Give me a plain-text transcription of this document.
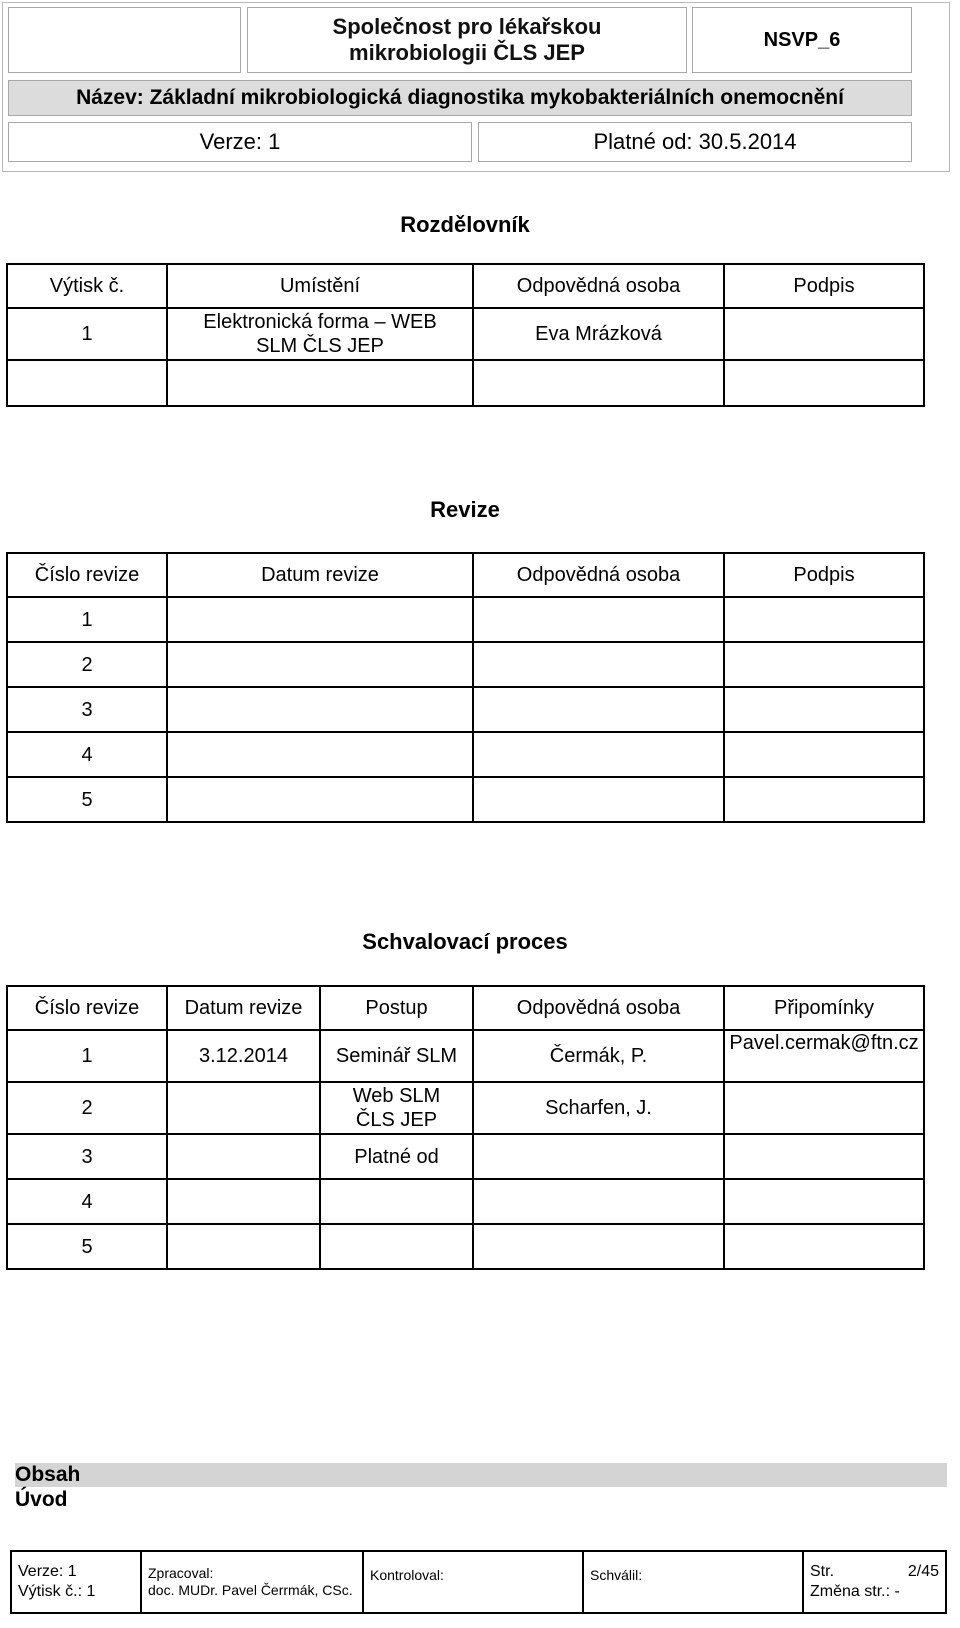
Společnost pro lékařskou mikrobiologii ČLS JEP
NSVP_6
Název: Základní mikrobiologická diagnostika mykobakteriálních onemocnění
Verze: 1	Platné od: 30.5.2014
Rozdělovník
Výtisk č.	Umístění	Odpovědná osoba	Podpis
1	Elektronická forma – WEB SLM ČLS JEP	Eva Mrázková	

Revize
Číslo revize	Datum revize	Odpovědná osoba	Podpis
1			
2			
3			
4			
5			
Schvalovací proces
Číslo revize	Datum revize	Postup	Odpovědná osoba	Připomínky
1	3.12.2014	Seminář SLM	Čermák, P.	Pavel.cermak@ftn.cz

2		Web SLM ČLS JEP	Scharfen, J.	
3		Platné od		
4				
5				
Obsah
Úvod
Verze: 1
Výtisk č.: 1

Zpracoval:
doc. MUDr. Pavel Čerrmák, CSc.

Kontroloval:	Schválil:	Str.	2/45
Změna str.: -
